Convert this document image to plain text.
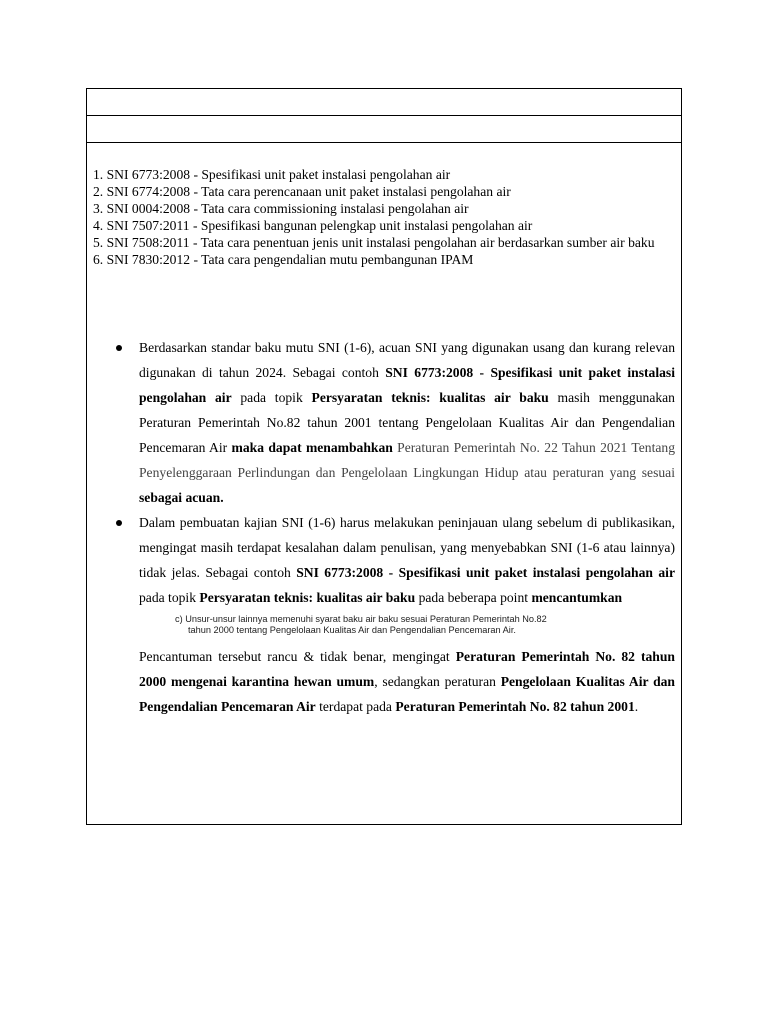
1. SNI 6773:2008 - Spesifikasi unit paket instalasi pengolahan air
2. SNI 6774:2008 - Tata cara perencanaan unit paket instalasi pengolahan air
3. SNI 0004:2008 - Tata cara commissioning instalasi pengolahan air
4. SNI 7507:2011 - Spesifikasi bangunan pelengkap unit instalasi pengolahan air
5. SNI 7508:2011 - Tata cara penentuan jenis unit instalasi pengolahan air berdasarkan sumber air baku
6. SNI 7830:2012 - Tata cara pengendalian mutu pembangunan IPAM
Berdasarkan standar baku mutu SNI (1-6), acuan SNI yang digunakan usang dan kurang relevan digunakan di tahun 2024. Sebagai contoh SNI 6773:2008 - Spesifikasi unit paket instalasi pengolahan air pada topik Persyaratan teknis: kualitas air baku masih menggunakan Peraturan Pemerintah No.82 tahun 2001 tentang Pengelolaan Kualitas Air dan Pengendalian Pencemaran Air maka dapat menambahkan Peraturan Pemerintah No. 22 Tahun 2021 Tentang Penyelenggaraan Perlindungan dan Pengelolaan Lingkungan Hidup atau peraturan yang sesuai sebagai acuan.
Dalam pembuatan kajian SNI (1-6) harus melakukan peninjauan ulang sebelum di publikasikan, mengingat masih terdapat kesalahan dalam penulisan, yang menyebabkan SNI (1-6 atau lainnya) tidak jelas. Sebagai contoh SNI 6773:2008 - Spesifikasi unit paket instalasi pengolahan air pada topik Persyaratan teknis: kualitas air baku pada beberapa point mencantumkan
c) Unsur-unsur lainnya memenuhi syarat baku air baku sesuai Peraturan Pemerintah No.82
tahun 2000 tentang Pengelolaan Kualitas Air dan Pengendalian Pencemaran Air.
Pencantuman tersebut rancu & tidak benar, mengingat Peraturan Pemerintah No. 82 tahun 2000 mengenai karantina hewan umum, sedangkan peraturan Pengelolaan Kualitas Air dan Pengendalian Pencemaran Air terdapat pada Peraturan Pemerintah No. 82 tahun 2001.
